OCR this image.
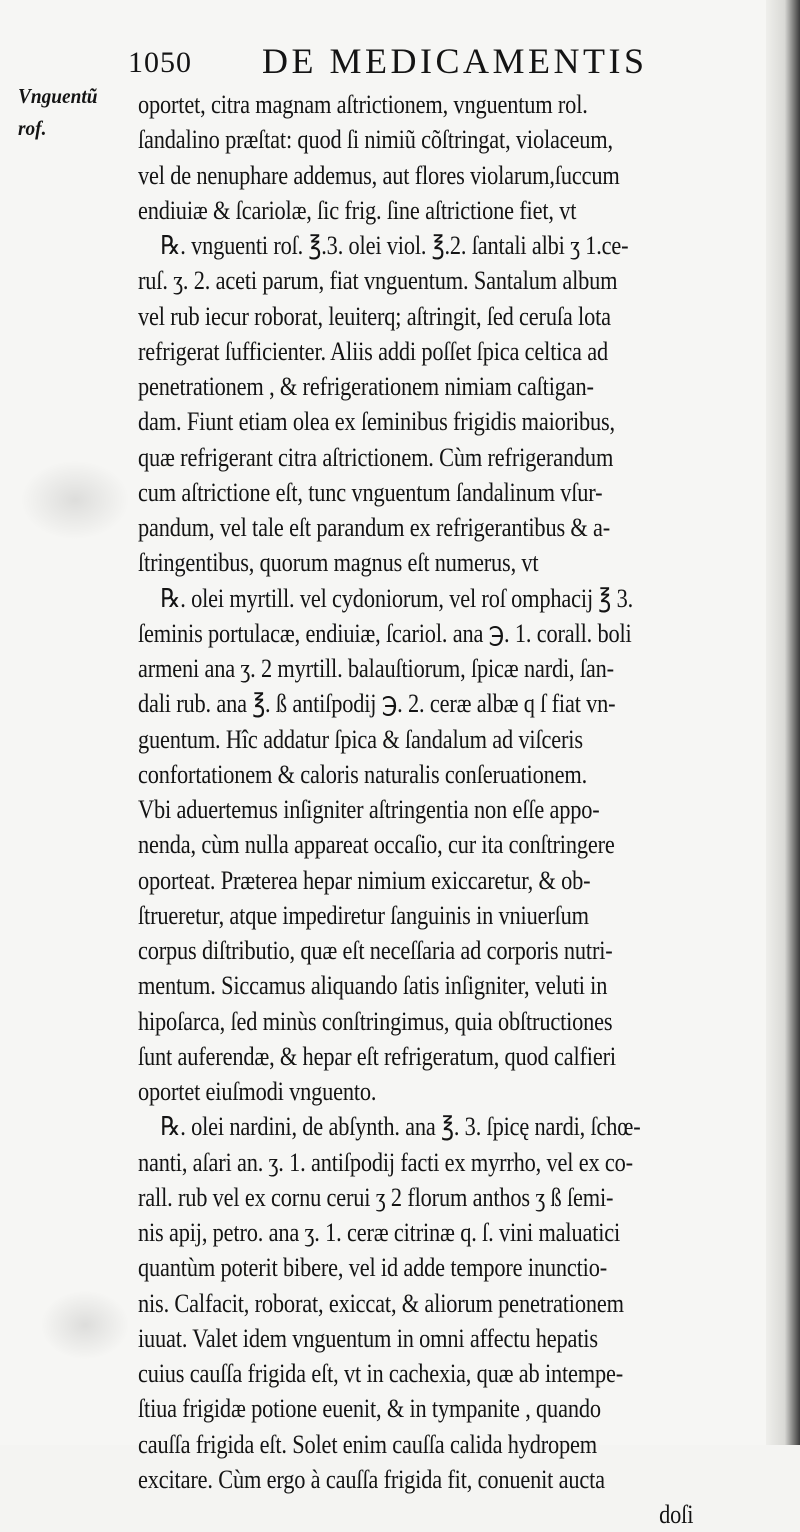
1050 DE MEDICAMENTIS
Vnguentũ
rof.
oportet, citra magnam aſtrictionem, vnguentum rol.
ſandalino præſtat: quod ſi nimiũ cõſtringat, violaceum,
vel de nenuphare addemus, aut flores violarum,ſuccum
endiuiæ & ſcariolæ, ſic frig. ſine aſtrictione fiet, vt
℞. vnguenti roſ. ℥.3. olei viol. ℥.2. ſantali albi ʒ 1.ce-
ruſ. ʒ. 2. aceti parum, fiat vnguentum. Santalum album
vel rub iecur roborat, leuiterq; aſtringit, ſed ceruſa lota
refrigerat ſufficienter. Aliis addi poſſet ſpica celtica ad
penetrationem , & refrigerationem nimiam caſtigan-
dam. Fiunt etiam olea ex ſeminibus frigidis maioribus,
quæ refrigerant citra aſtrictionem. Cùm refrigerandum
cum aſtrictione eſt, tunc vnguentum ſandalinum vſur-
pandum, vel tale eſt parandum ex refrigerantibus & a-
ſtringentibus, quorum magnus eſt numerus, vt
℞. olei myrtill. vel cydoniorum, vel roſ omphacij ℥ 3.
ſeminis portulacæ, endiuiæ, ſcariol. ana ℈. 1. corall. boli
armeni ana ʒ. 2 myrtill. balauſtiorum, ſpicæ nardi, ſan-
dali rub. ana ℥. ß antiſpodij ℈. 2. ceræ albæ q ſ fiat vn-
guentum. Hîc addatur ſpica & ſandalum ad viſceris
confortationem & caloris naturalis conſeruationem.
Vbi aduertemus inſigniter aſtringentia non eſſe appo-
nenda, cùm nulla appareat occaſio, cur ita conſtringere
oporteat. Præterea hepar nimium exiccaretur, & ob-
ſtrueretur, atque impediretur ſanguinis in vniuerſum
corpus diſtributio, quæ eſt neceſſaria ad corporis nutri-
mentum. Siccamus aliquando ſatis inſigniter, veluti in
hipoſarca, ſed minùs conſtringimus, quia obſtructiones
ſunt auferendæ, & hepar eſt refrigeratum, quod calfieri
oportet eiuſmodi vnguento.
℞. olei nardini, de abſynth. ana ℥. 3. ſpicę nardi, ſchœ-
nanti, aſari an. ʒ. 1. antiſpodij facti ex myrrho, vel ex co-
rall. rub vel ex cornu cerui ʒ 2 florum anthos ʒ ß ſemi-
nis apij, petro. ana ʒ. 1. ceræ citrinæ q. ſ. vini maluatici
quantùm poterit bibere, vel id adde tempore inunctio-
nis. Calfacit, roborat, exiccat, & aliorum penetrationem
iuuat. Valet idem vnguentum in omni affectu hepatis
cuius cauſſa frigida eſt, vt in cachexia, quæ ab intempe-
ſtiua frigidæ potione euenit, & in tympanite , quando
cauſſa frigida eſt. Solet enim cauſſa calida hydropem
excitare. Cùm ergo à cauſſa frigida fit, conuenit aucta
doſi
